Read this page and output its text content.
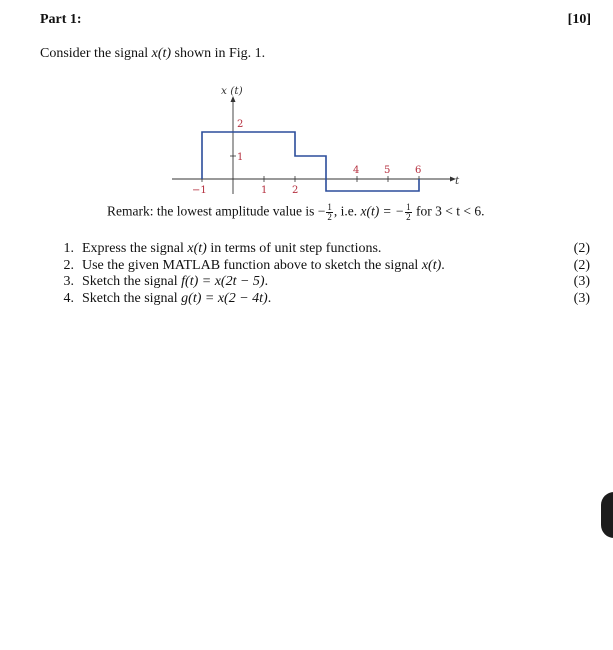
Part 1:	[10]
Consider the signal x(t) shown in Fig. 1.
x (t)
t
2
1
−1	1 2
4 5 6
Remark: the lowest amplitude value is − $\frac{1}{2}$ , i.e. x(t) = − $\frac{1}{2}$ for 3 < t < 6.
1. Express the signal x(t) in terms of unit step functions.	(2)
2. Use the given MATLAB function above to sketch the signal x(t).	(2)
3. Sketch the signal f(t) = x(2t − 5).	(3)
4. Sketch the signal g(t) = x(2 − 4t).	(3)
